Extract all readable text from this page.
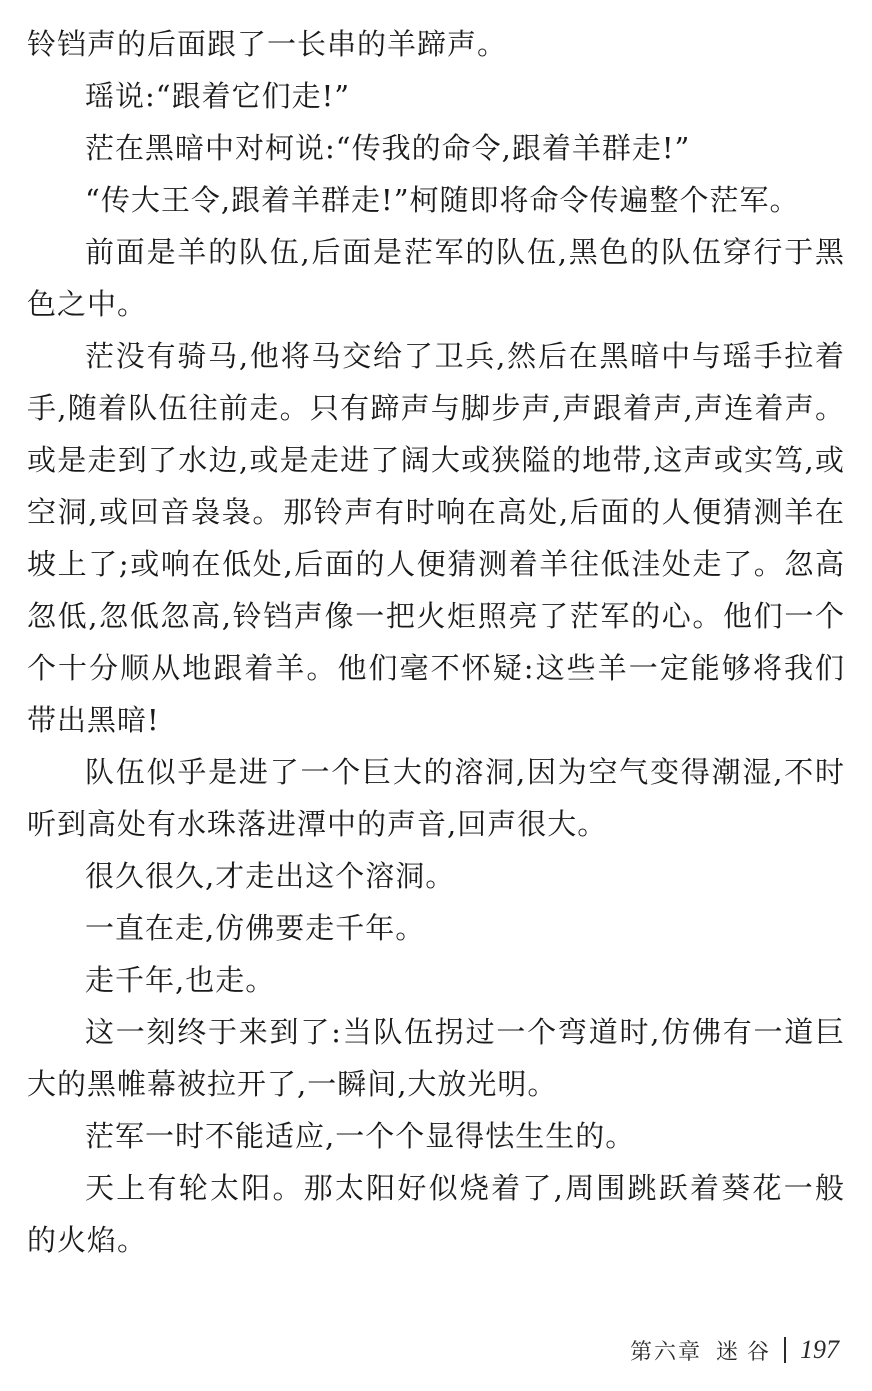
铃铛声的后面跟了一长串的羊蹄声。

瑶说:“跟着它们走!”

茫在黑暗中对柯说:“传我的命令,跟着羊群走!”

“传大王令,跟着羊群走!”柯随即将命令传遍整个茫军。

前面是羊的队伍,后面是茫军的队伍,黑色的队伍穿行于黑色之中。

茫没有骑马,他将马交给了卫兵,然后在黑暗中与瑶手拉着手,随着队伍往前走。只有蹄声与脚步声,声跟着声,声连着声。或是走到了水边,或是走进了阔大或狭隘的地带,这声或实笃,或空洞,或回音袅袅。那铃声有时响在高处,后面的人便猜测羊在坡上了;或响在低处,后面的人便猜测着羊往低洼处走了。忽高忽低,忽低忽高,铃铛声像一把火炬照亮了茫军的心。他们一个个十分顺从地跟着羊。他们毫不怀疑:这些羊一定能够将我们带出黑暗!

队伍似乎是进了一个巨大的溶洞,因为空气变得潮湿,不时听到高处有水珠落进潭中的声音,回声很大。

很久很久,才走出这个溶洞。

一直在走,仿佛要走千年。

走千年,也走。

这一刻终于来到了:当队伍拐过一个弯道时,仿佛有一道巨大的黑帷幕被拉开了,一瞬间,大放光明。

茫军一时不能适应,一个个显得怯生生的。

天上有轮太阳。那太阳好似烧着了,周围跳跃着葵花一般的火焰。

第六章 迷谷 197
